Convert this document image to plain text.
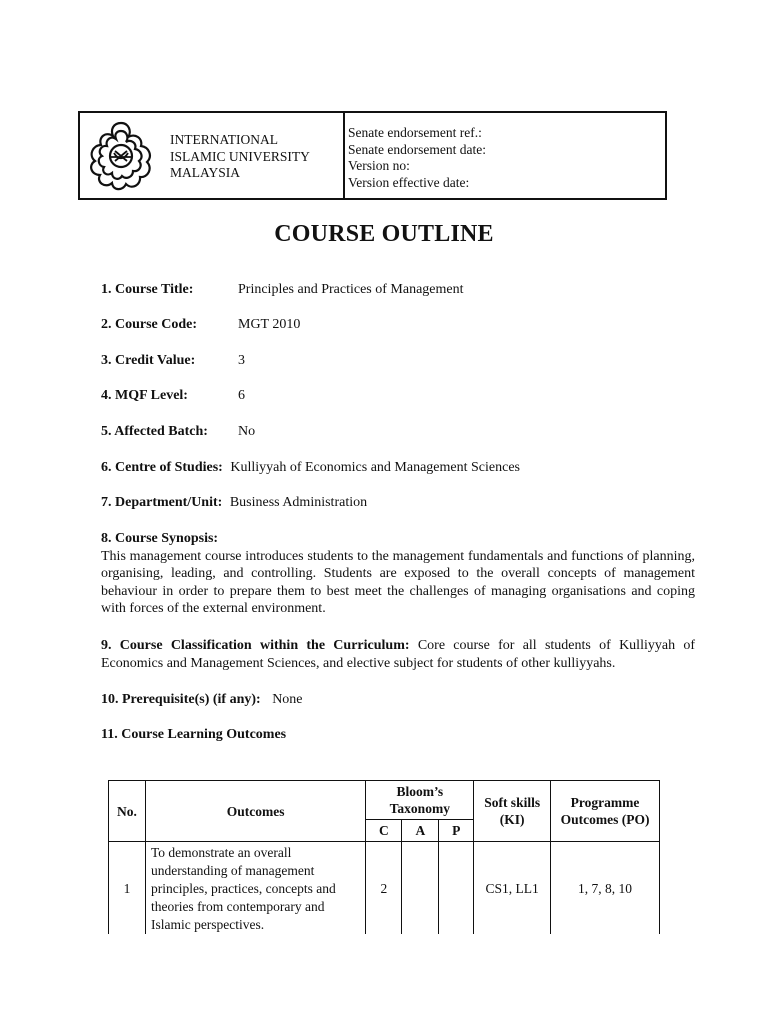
INTERNATIONAL
ISLAMIC UNIVERSITY
MALAYSIA
Senate endorsement ref.:
Senate endorsement date:
Version no:
Version effective date:
COURSE OUTLINE
1. Course Title:	Principles and Practices of Management
2. Course Code:	MGT 2010
3. Credit Value:	3
4. MQF Level:	6
5. Affected Batch: No
6. Centre of Studies: Kulliyyah of Economics and Management Sciences
7. Department/Unit: Business Administration
8. Course Synopsis:
This management course introduces students to the management fundamentals and functions of planning, organising, leading, and controlling. Students are exposed to the overall concepts of management behaviour in order to prepare them to best meet the challenges of managing organisations and coping with forces of the external environment.
9. Course Classification within the Curriculum: Core course for all students of Kulliyyah of Economics and Management Sciences, and elective subject for students of other kulliyyahs.
10. Prerequisite(s) (if any): None
11. Course Learning Outcomes
No.	Outcomes	Bloom’s Taxonomy			Soft skills (KI)	Programme Outcomes (PO)
		C	A	P		
1	To demonstrate an overall understanding of management principles, practices, concepts and theories from contemporary and Islamic perspectives.	2			CS1, LL1	1, 7, 8, 10
